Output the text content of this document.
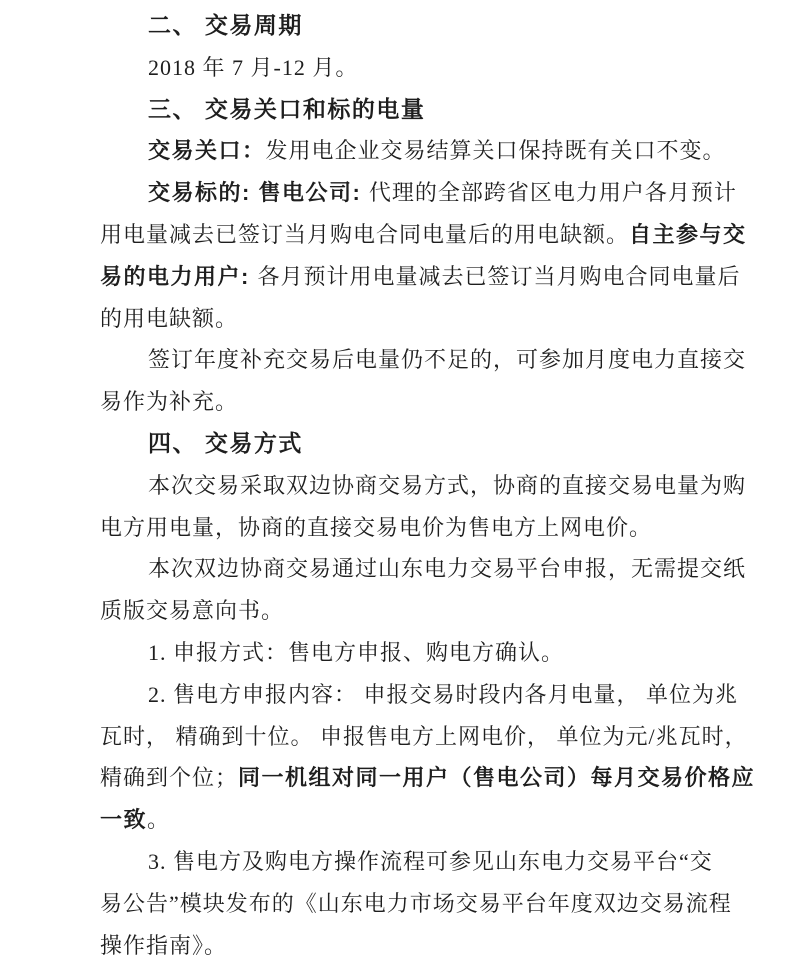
二、 交易周期
2018 年 7 月-12 月。
三、 交易关口和标的电量
交易关口：发用电企业交易结算关口保持既有关口不变。
交易标的: 售电公司: 代理的全部跨省区电力用户各月预计
用电量减去已签订当月购电合同电量后的用电缺额。自主参与交
易的电力用户: 各月预计用电量减去已签订当月购电合同电量后
的用电缺额。
签订年度补充交易后电量仍不足的，可参加月度电力直接交
易作为补充。
四、 交易方式
本次交易采取双边协商交易方式，协商的直接交易电量为购
电方用电量，协商的直接交易电价为售电方上网电价。
本次双边协商交易通过山东电力交易平台申报，无需提交纸
质版交易意向书。
1. 申报方式：售电方申报、购电方确认。
2. 售电方申报内容： 申报交易时段内各月电量， 单位为兆
瓦时， 精确到十位。 申报售电方上网电价， 单位为元/兆瓦时，
精确到个位；同一机组对同一用户（售电公司）每月交易价格应
一致。
3. 售电方及购电方操作流程可参见山东电力交易平台“交
易公告”模块发布的《山东电力市场交易平台年度双边交易流程
操作指南》。
